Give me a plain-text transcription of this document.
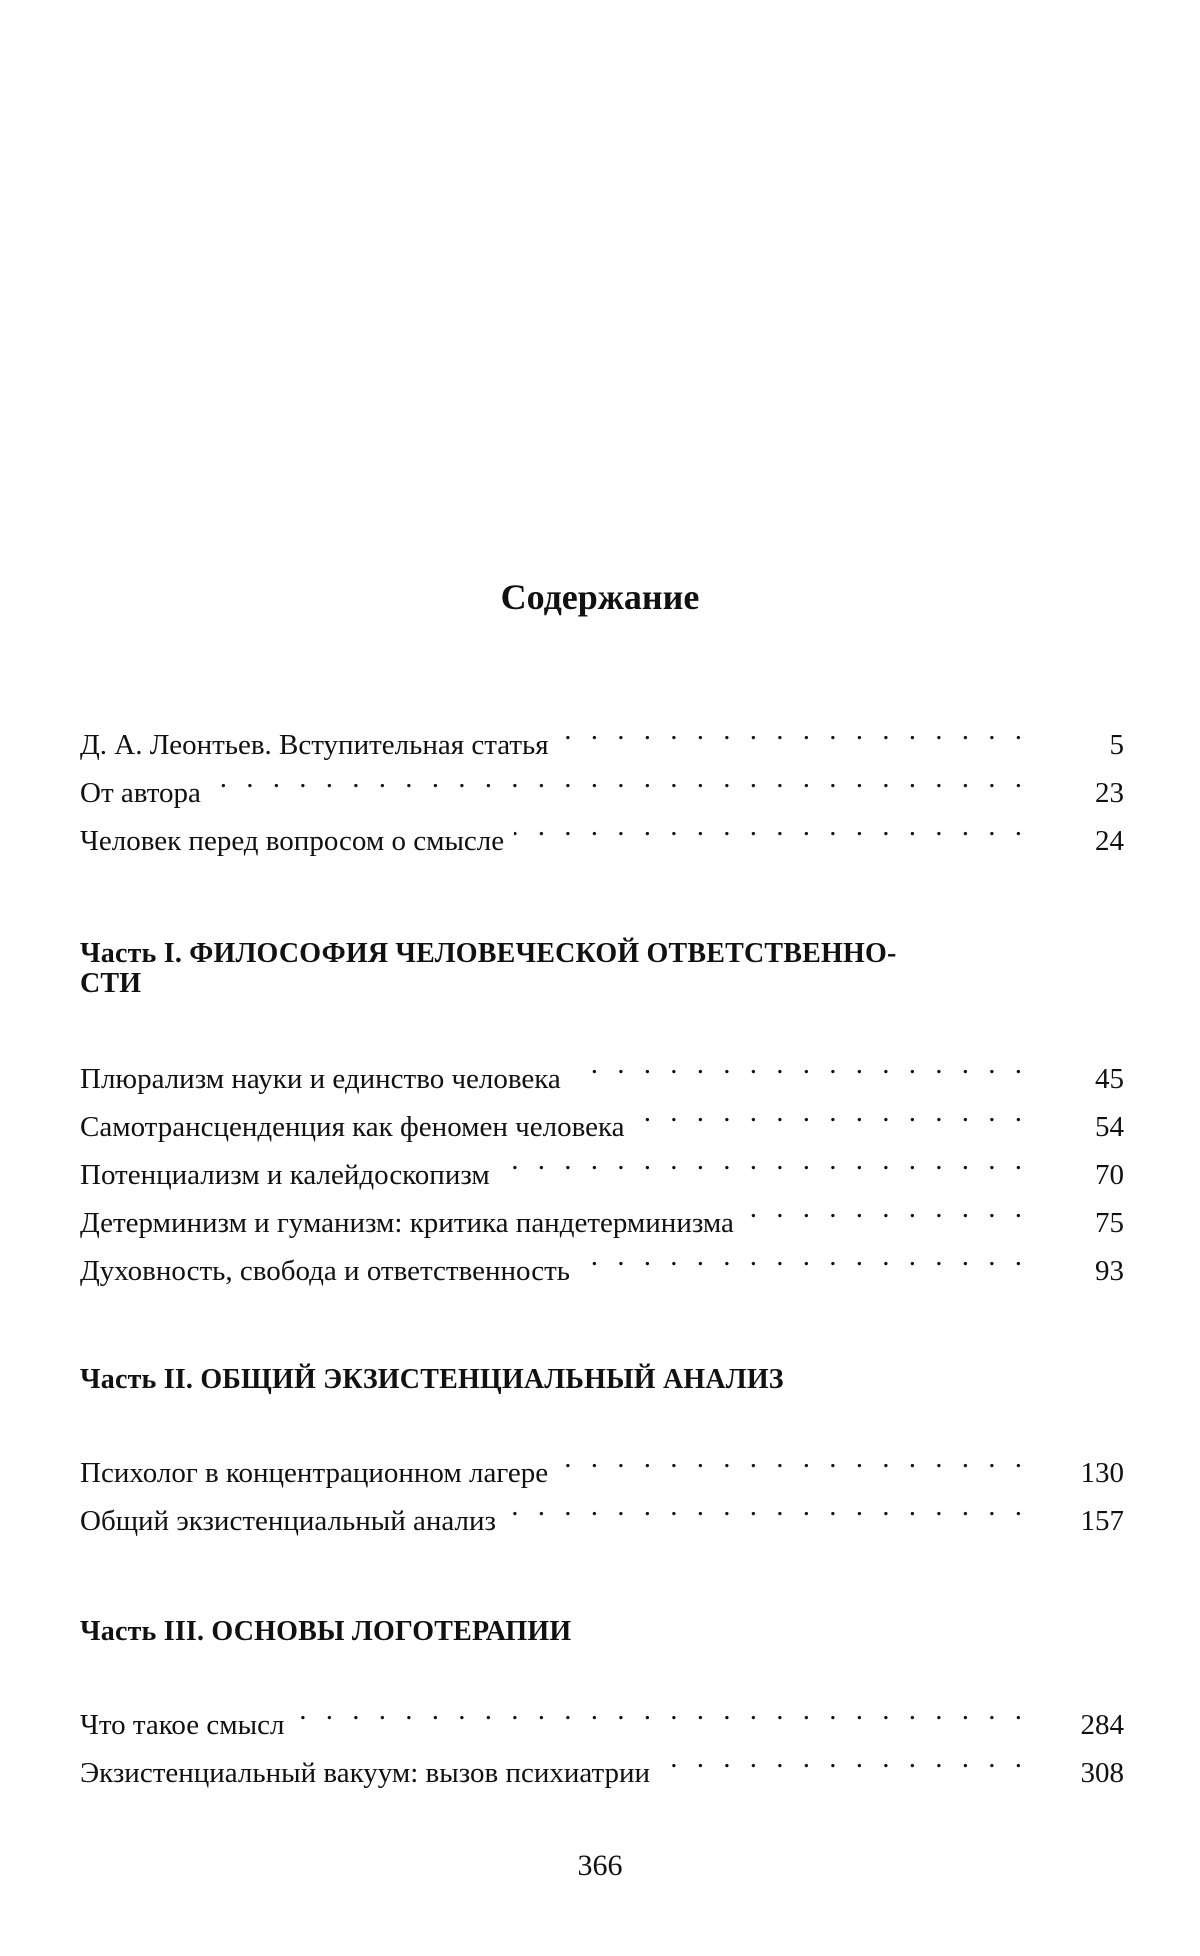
Содержание
Д. А. Леонтьев. Вступительная статья . . .	5
От автора . . .	23
Человек перед вопросом о смысле . . .	24
Часть I. ФИЛОСОФИЯ ЧЕЛОВЕЧЕСКОЙ ОТВЕТСТВЕННО-
СТИ
Плюрализм науки и единство человека . . .	45
Самотрансценденция как феномен человека . . .	54
Потенциализм и калейдоскопизм . . .	70
Детерминизм и гуманизм: критика пандетерминизма . . .	75
Духовность, свобода и ответственность . . .	93
Часть II. ОБЩИЙ ЭКЗИСТЕНЦИАЛЬНЫЙ АНАЛИЗ
Психолог в концентрационном лагере . . .	130
Общий экзистенциальный анализ . . .	157
Часть III. ОСНОВЫ ЛОГОТЕРАПИИ
Что такое смысл . . .	284
Экзистенциальный вакуум: вызов психиатрии . . .	308
366
